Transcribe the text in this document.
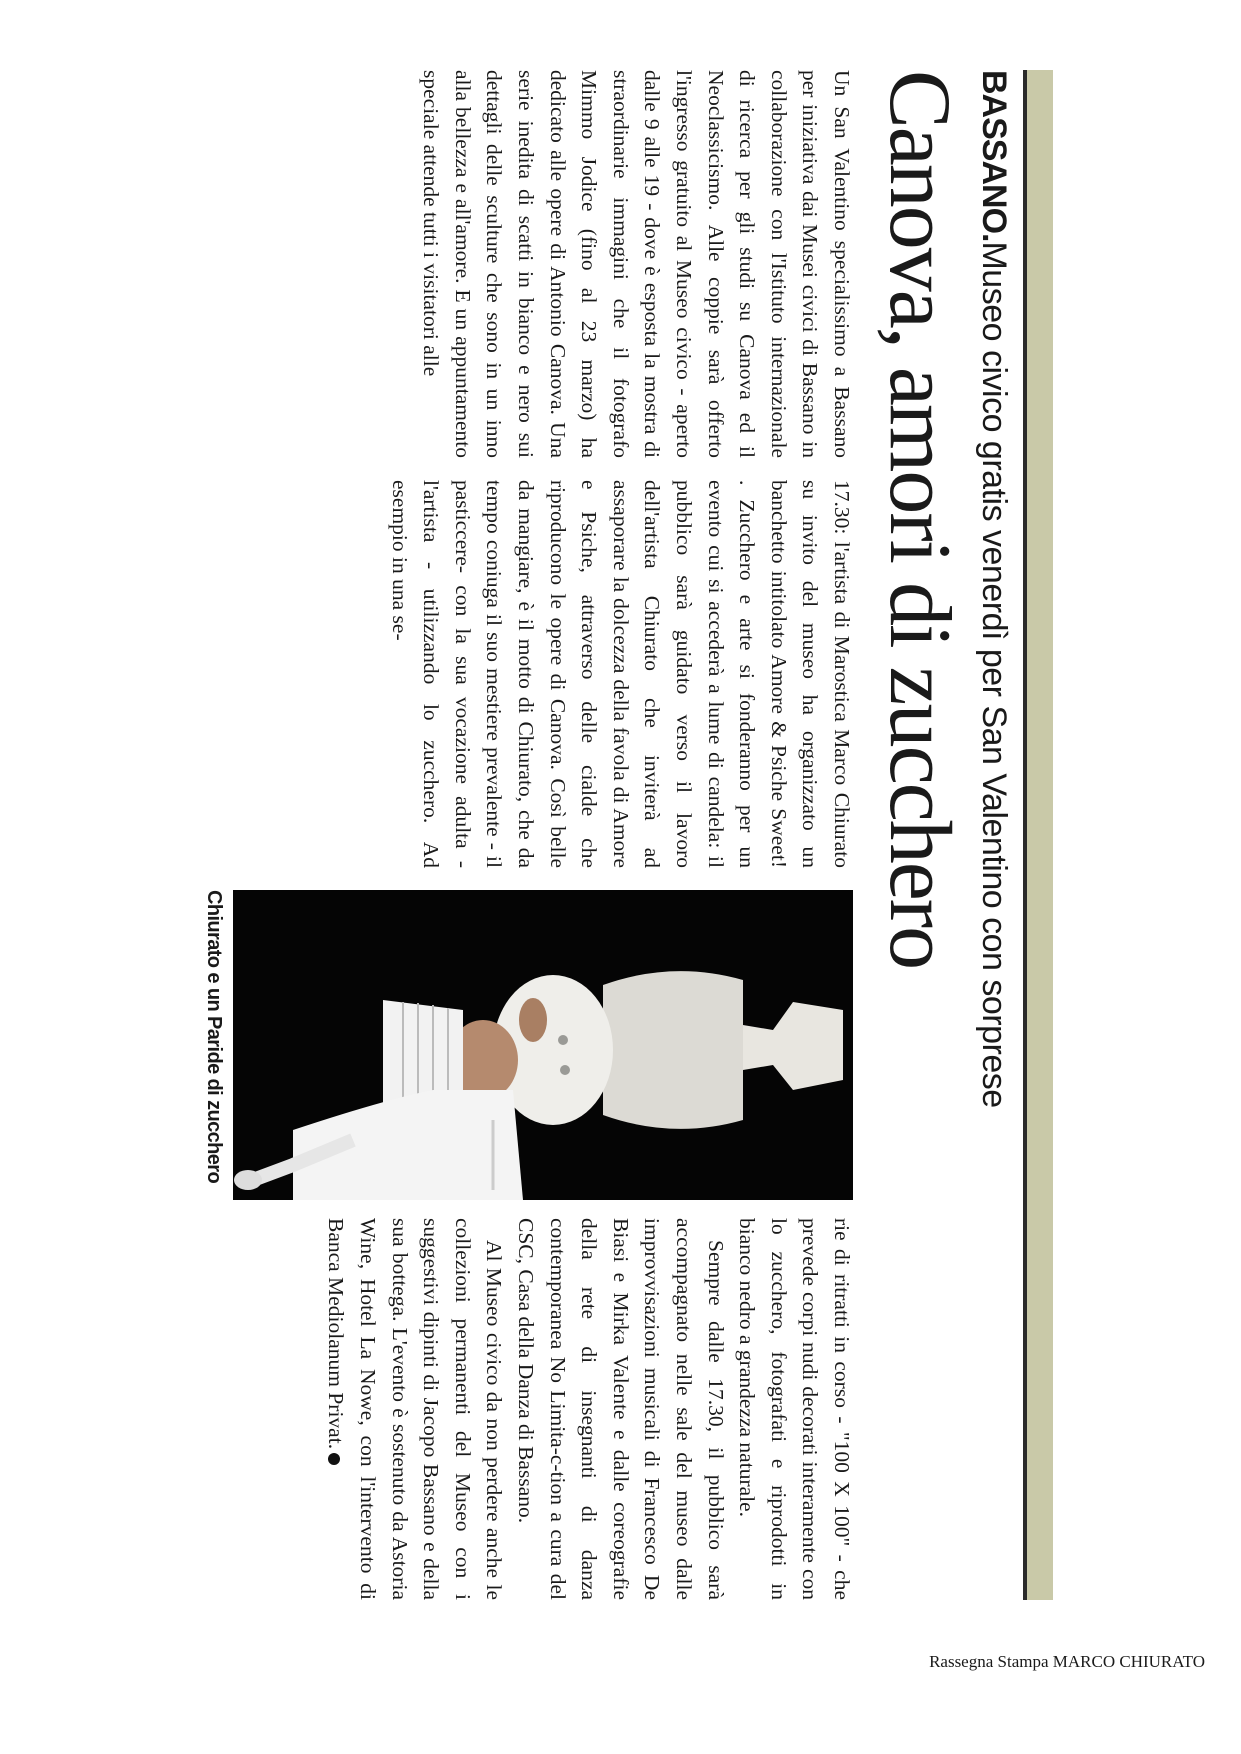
BASSANO.Museo civico gratis venerdì per San Valentino con sorprese
Canova, amori di zucchero

Un San Valentino specialissimo a Bassano per iniziativa dai Musei civici di Bassano in collaborazione con l'Istituto internazionale di ricerca per gli studi su Canova ed il Neoclassicismo. Alle coppie sarà offerto l'ingresso gratuito al Museo civico - aperto dalle 9 alle 19 - dove è esposta la mostra di straordinarie immagini che il fotografo Mimmo Jodice (fino al 23 marzo) ha dedicato alle opere di Antonio Canova. Una serie inedita di scatti in bianco e nero sui dettagli delle sculture che sono in un inno alla bellezza e all'amore. E un appuntamento speciale attende tutti i visitatori alle

17.30: l'artista di Marostica Marco Chiurato su invito del museo ha organizzato un banchetto intitolato Amore & Psiche Sweet! . Zucchero e arte si fonderanno per un evento cui si accederà a lume di candela: il pubblico sarà guidato verso il lavoro dell'artista Chiurato che inviterà ad assaporare la dolcezza della favola di Amore e Psiche, attraverso delle cialde che riproducono le opere di Canova. Così belle da mangiare, è il motto di Chiurato, che da tempo coniuga il suo mestiere prevalente - il pasticcere- con la sua vocazione adulta - l'artista - utilizzando lo zucchero. Ad esempio in una se-

Chiurato e un Paride di zucchero

rie di ritratti in corso - "100 X 100" - che prevede corpi nudi decorati interamente con lo zucchero, fotografati e riprodotti in bianco nedro a grandezza naturale.

Sempre dalle 17.30, il pubblico sarà accompagnato nelle sale del museo dalle improvvisazioni musicali di Francesco De Biasi e Mirka Valente e dalle coreografie della rete di insegnanti di danza contemporanea No Limita-c-tion a cura del CSC, Casa della Danza di Bassano.

Al Museo civico da non perdere anche le collezioni permanenti del Museo con i suggestivi dipinti di Jacopo Bassano e della sua bottega. L'evento è sostenuto da Astoria Wine, Hotel La Nowe, con l'intervento di Banca Mediolanum Privat.

Rassegna Stampa MARCO CHIURATO
